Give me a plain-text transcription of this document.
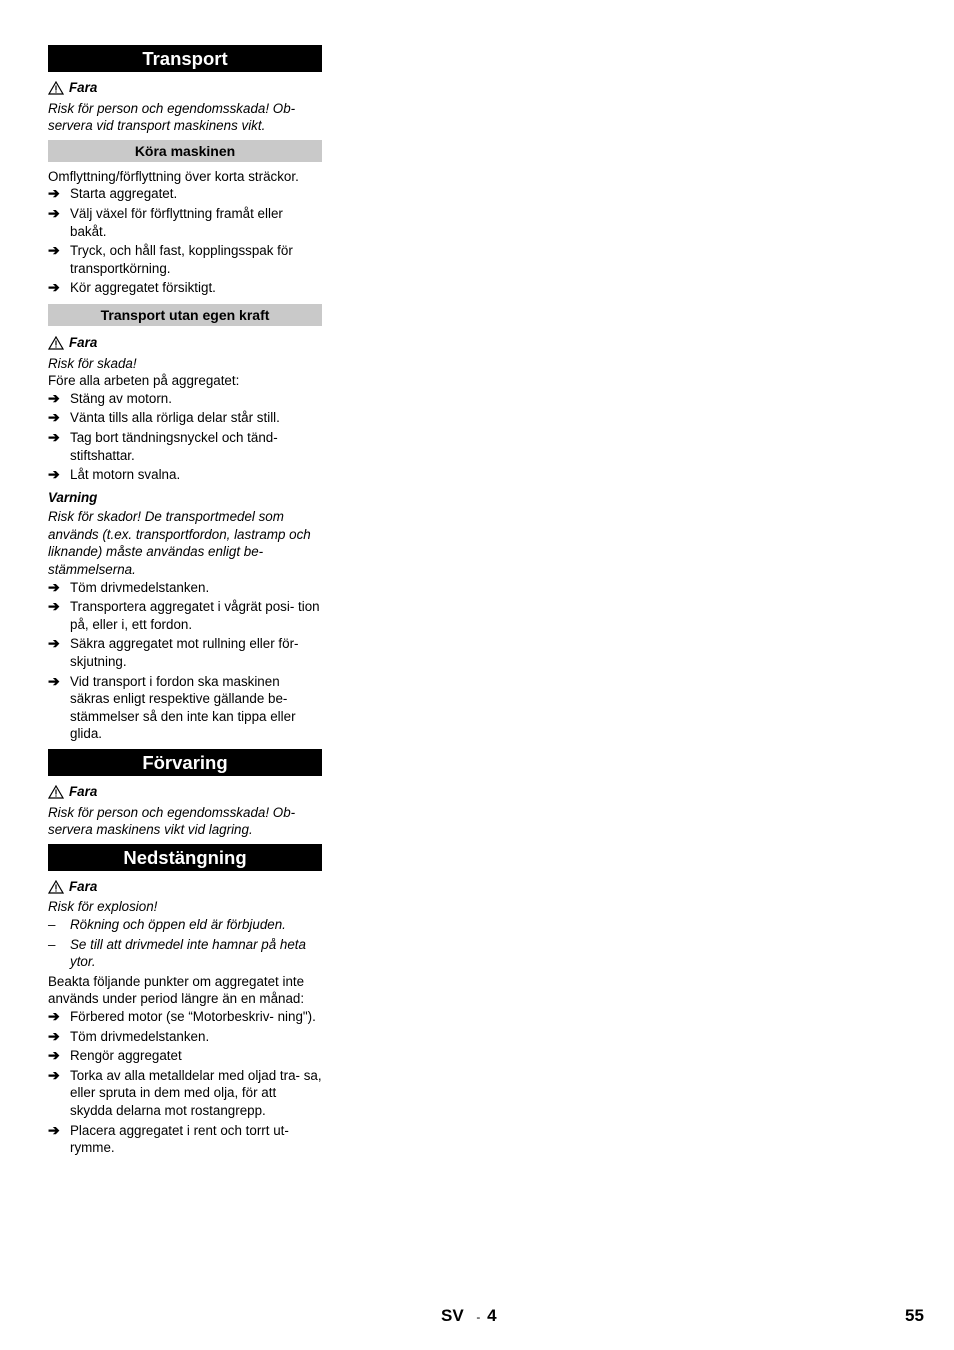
Transport
Fara
Risk för person och egendomsskada! Ob- servera vid transport maskinens vikt.
Köra maskinen
Omflyttning/förflyttning över korta sträckor.
➔ Starta aggregatet.
➔ Välj växel för förflyttning framåt eller bakåt.
➔ Tryck, och håll fast, kopplingsspak för transportkörning.
➔ Kör aggregatet försiktigt.
Transport utan egen kraft
Fara
Risk för skada!
Före alla arbeten på aggregatet:
➔ Stäng av motorn.
➔ Vänta tills alla rörliga delar står still.
➔ Tag bort tändningsnyckel och tänd- stiftshattar.
➔ Låt motorn svalna.
Varning
Risk för skador! De transportmedel som används (t.ex. transportfordon, lastramp och liknande) måste användas enligt be- stämmelserna.
➔ Töm drivmedelstanken.
➔ Transportera aggregatet i vågrät posi- tion på, eller i, ett fordon.
➔ Säkra aggregatet mot rullning eller för- skjutning.
➔ Vid transport i fordon ska maskinen säkras enligt respektive gällande be- stämmelser så den inte kan tippa eller glida.
Förvaring
Fara
Risk för person och egendomsskada! Ob- servera maskinens vikt vid lagring.
Nedstängning
Fara
Risk för explosion!
–	Rökning och öppen eld är förbjuden.
–	Se till att drivmedel inte hamnar på heta ytor.
Beakta följande punkter om aggregatet inte används under period längre än en månad:
➔ Förbered motor (se “Motorbeskriv- ning").
➔ Töm drivmedelstanken.
➔ Rengör aggregatet
➔ Torka av alla metalldelar med oljad tra- sa, eller spruta in dem med olja, för att skydda delarna mot rostangrepp.
➔ Placera aggregatet i rent och torrt ut- rymme.
SV - 4	55
